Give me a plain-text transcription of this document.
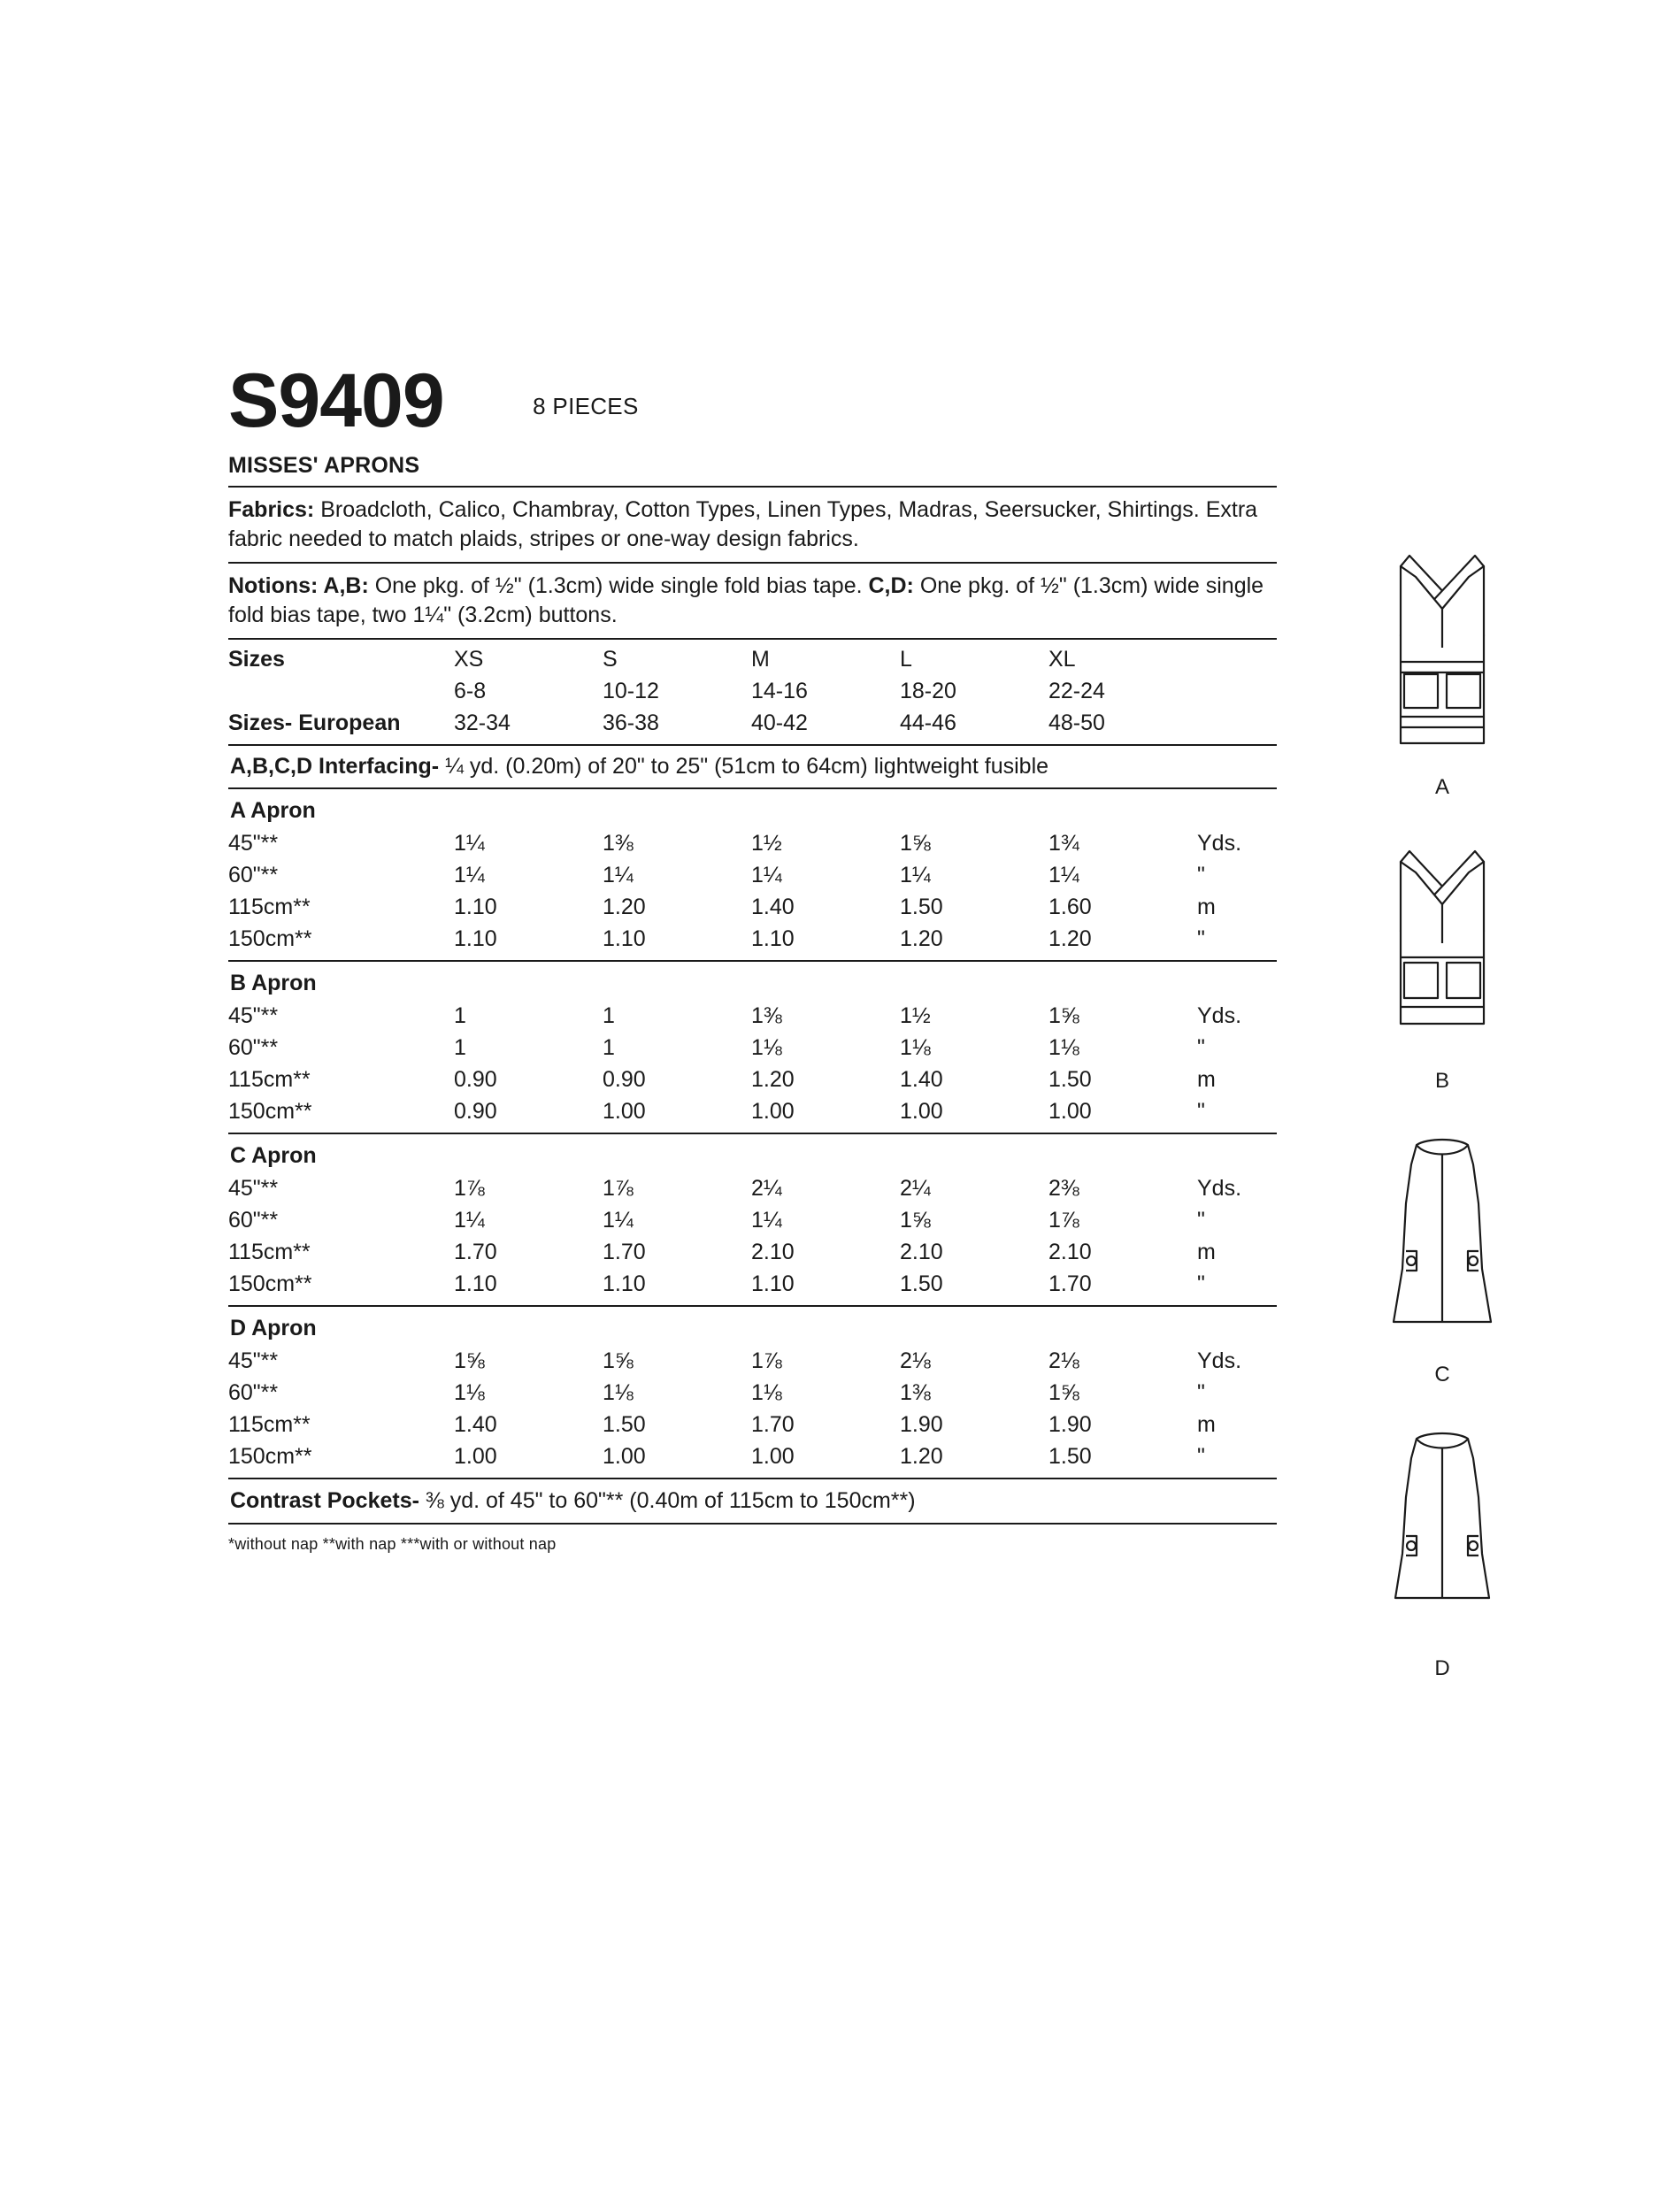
S9409	8 PIECES
MISSES' APRONS
Fabrics: Broadcloth, Calico, Chambray, Cotton Types, Linen Types, Madras, Seersucker, Shirtings. Extra fabric needed to match plaids, stripes or one-way design fabrics.
Notions: A,B: One pkg. of ½" (1.3cm) wide single fold bias tape. C,D: One pkg. of ½" (1.3cm) wide single fold bias tape, two 1¼" (3.2cm) buttons.
Sizes	XS	S	M	L	XL	
	6-8	10-12	14-16	18-20	22-24	
Sizes- European	32-34	36-38	40-42	44-46	48-50	
A,B,C,D Interfacing- ¼ yd. (0.20m) of 20" to 25" (51cm to 64cm) lightweight fusible
A Apron
45"**	1¼	1⅜	1½	1⅝	1¾	Yds.
60"**	1¼	1¼	1¼	1¼	1¼	"
115cm**	1.10	1.20	1.40	1.50	1.60	m
150cm**	1.10	1.10	1.10	1.20	1.20	"
B Apron
45"**	1	1	1⅜	1½	1⅝	Yds.
60"**	1	1	1⅛	1⅛	1⅛	"
115cm**	0.90	0.90	1.20	1.40	1.50	m
150cm**	0.90	1.00	1.00	1.00	1.00	"
C Apron
45"**	1⅞	1⅞	2¼	2¼	2⅜	Yds.
60"**	1¼	1¼	1¼	1⅝	1⅞	"
115cm**	1.70	1.70	2.10	2.10	2.10	m
150cm**	1.10	1.10	1.10	1.50	1.70	"
D Apron
45"**	1⅝	1⅝	1⅞	2⅛	2⅛	Yds.
60"**	1⅛	1⅛	1⅛	1⅜	1⅝	"
115cm**	1.40	1.50	1.70	1.90	1.90	m
150cm**	1.00	1.00	1.00	1.20	1.50	"
Contrast Pockets- ⅜ yd. of 45" to 60"** (0.40m of 115cm to 150cm**)
*without nap **with nap ***with or without nap
A
B
C
D
